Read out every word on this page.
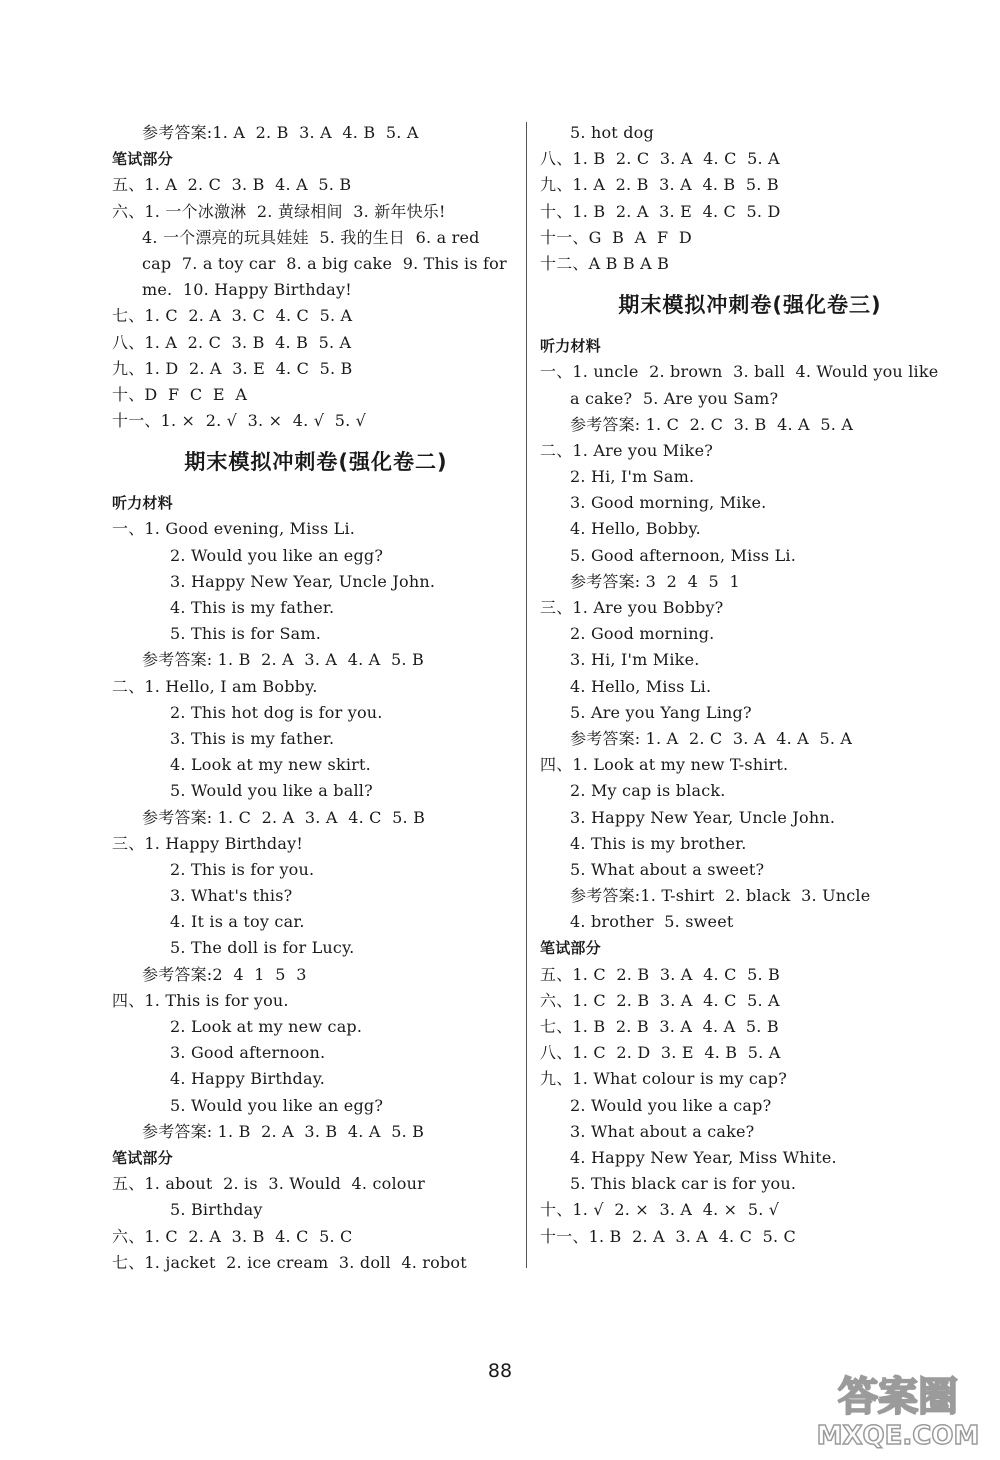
参考答案:1. A  2. B  3. A  4. B  5. A
笔试部分
五、1. A  2. C  3. B  4. A  5. B
六、1. 一个冰激淋  2. 黄绿相间  3. 新年快乐!
4. 一个漂亮的玩具娃娃  5. 我的生日  6. a red
cap  7. a toy car  8. a big cake  9. This is for
me.  10. Happy Birthday!
七、1. C  2. A  3. C  4. C  5. A
八、1. A  2. C  3. B  4. B  5. A
九、1. D  2. A  3. E  4. C  5. B
十、D  F  C  E  A
十一、1. ×  2. √  3. ×  4. √  5. √
期末模拟冲刺卷(强化卷二)
听力材料
一、1. Good evening, Miss Li.
2. Would you like an egg?
3. Happy New Year, Uncle John.
4. This is my father.
5. This is for Sam.
参考答案: 1. B  2. A  3. A  4. A  5. B
二、1. Hello, I am Bobby.
2. This hot dog is for you.
3. This is my father.
4. Look at my new skirt.
5. Would you like a ball?
参考答案: 1. C  2. A  3. A  4. C  5. B
三、1. Happy Birthday!
2. This is for you.
3. What's this?
4. It is a toy car.
5. The doll is for Lucy.
参考答案:2  4  1  5  3
四、1. This is for you.
2. Look at my new cap.
3. Good afternoon.
4. Happy Birthday.
5. Would you like an egg?
参考答案: 1. B  2. A  3. B  4. A  5. B
笔试部分
五、1. about  2. is  3. Would  4. colour
5. Birthday
六、1. C  2. A  3. B  4. C  5. C
七、1. jacket  2. ice cream  3. doll  4. robot
5. hot dog
八、1. B  2. C  3. A  4. C  5. A
九、1. A  2. B  3. A  4. B  5. B
十、1. B  2. A  3. E  4. C  5. D
十一、G  B  A  F  D
十二、A B B A B
期末模拟冲刺卷(强化卷三)
听力材料
一、1. uncle  2. brown  3. ball  4. Would you like
a cake?  5. Are you Sam?
参考答案: 1. C  2. C  3. B  4. A  5. A
二、1. Are you Mike?
2. Hi, I'm Sam.
3. Good morning, Mike.
4. Hello, Bobby.
5. Good afternoon, Miss Li.
参考答案: 3  2  4  5  1
三、1. Are you Bobby?
2. Good morning.
3. Hi, I'm Mike.
4. Hello, Miss Li.
5. Are you Yang Ling?
参考答案: 1. A  2. C  3. A  4. A  5. A
四、1. Look at my new T-shirt.
2. My cap is black.
3. Happy New Year, Uncle John.
4. This is my brother.
5. What about a sweet?
参考答案:1. T-shirt  2. black  3. Uncle
4. brother  5. sweet
笔试部分
五、1. C  2. B  3. A  4. C  5. B
六、1. C  2. B  3. A  4. C  5. A
七、1. B  2. B  3. A  4. A  5. B
八、1. C  2. D  3. E  4. B  5. A
九、1. What colour is my cap?
2. Would you like a cap?
3. What about a cake?
4. Happy New Year, Miss White.
5. This black car is for you.
十、1. √  2. ×  3. A  4. ×  5. √
十一、1. B  2. A  3. A  4. C  5. C
88
答案圈
MXQE.COM
